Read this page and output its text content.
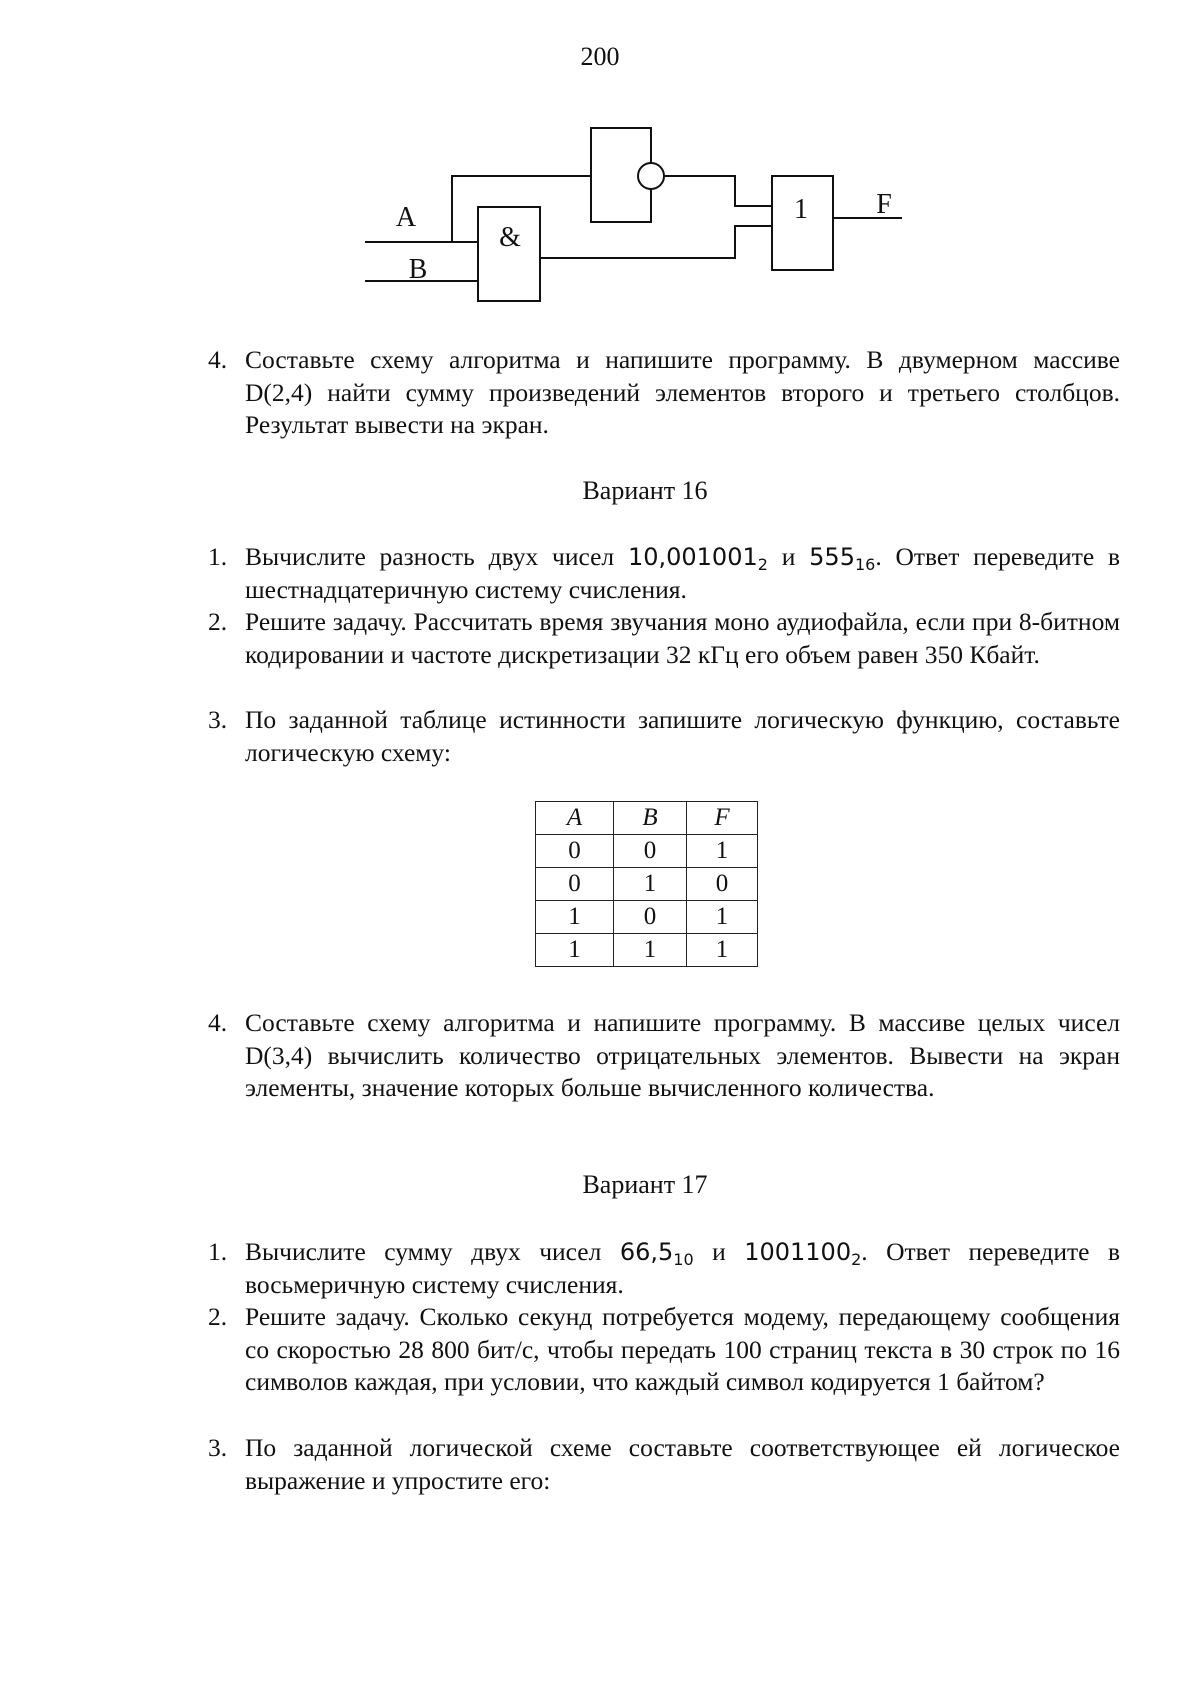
200
A
B
&
1 F
4. Составьте схему алгоритма и напишите программу. В двумерном массиве D(2,4) найти сумму произведений элементов второго и третьего столбцов. Результат вывести на экран.
Вариант 16
1. Вычислите разность двух чисел $10,001001_2$ и $555_{16}$. Ответ переведите в шестнадцатеричную систему счисления.
2. Решите задачу. Рассчитать время звучания моно аудиофайла, если при 8-битном кодировании и частоте дискретизации 32 кГц его объем равен 350 Кбайт.
3. По заданной таблице истинности запишите логическую функцию, составьте логическую схему:
A	B	F
0	0	1
0	1	0
1	0	1
1	1	1
4. Составьте схему алгоритма и напишите программу. В массиве целых чисел D(3,4) вычислить количество отрицательных элементов. Вывести на экран элементы, значение которых больше вычисленного количества.
Вариант 17
1. Вычислите сумму двух чисел $66,5_{10}$ и $1001100_2$. Ответ переведите в восьмеричную систему счисления.
2. Решите задачу. Сколько секунд потребуется модему, передающему сообщения со скоростью 28 800 бит/с, чтобы передать 100 страниц текста в 30 строк по 16 символов каждая, при условии, что каждый символ кодируется 1 байтом?
3. По заданной логической схеме составьте соответствующее ей логическое выражение и упростите его:
